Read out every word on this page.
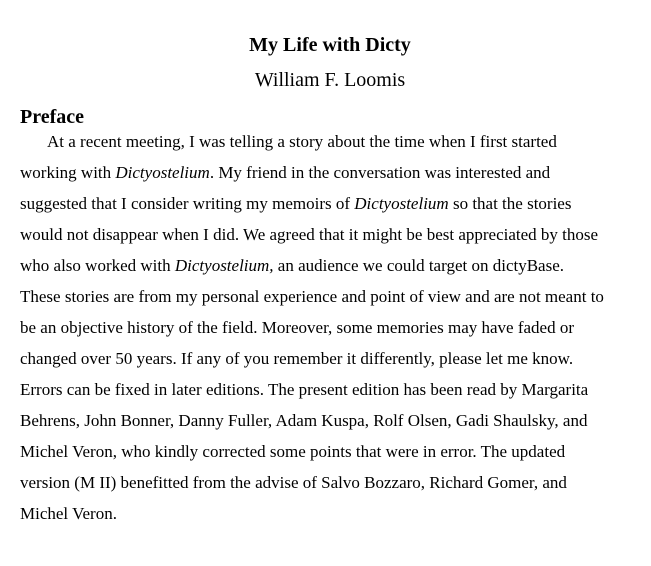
My Life with Dicty
William F. Loomis
Preface
At a recent meeting, I was telling a story about the time when I first started
working with Dictyostelium. My friend in the conversation was interested and
suggested that I consider writing my memoirs of Dictyostelium so that the stories
would not disappear when I did. We agreed that it might be best appreciated by those
who also worked with Dictyostelium, an audience we could target on dictyBase.
These stories are from my personal experience and point of view and are not meant to
be an objective history of the field. Moreover, some memories may have faded or
changed over 50 years. If any of you remember it differently, please let me know.
Errors can be fixed in later editions. The present edition has been read by Margarita
Behrens, John Bonner, Danny Fuller, Adam Kuspa, Rolf Olsen, Gadi Shaulsky, and
Michel Veron, who kindly corrected some points that were in error. The updated
version (M II) benefitted from the advise of Salvo Bozzaro, Richard Gomer, and
Michel Veron.
